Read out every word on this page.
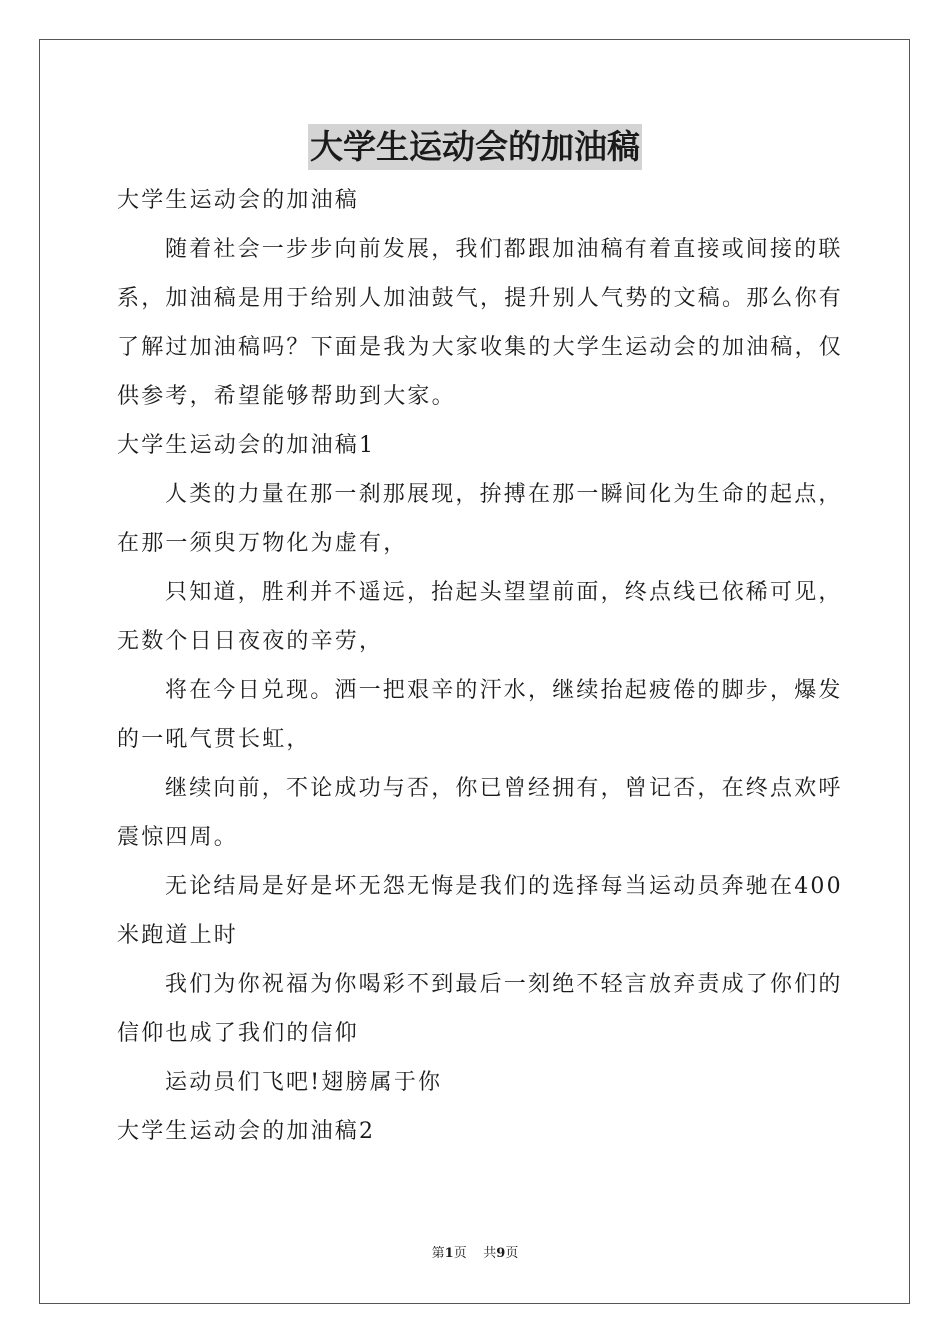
大学生运动会的加油稿
大学生运动会的加油稿
随着社会一步步向前发展，我们都跟加油稿有着直接或间接的联
系，加油稿是用于给别人加油鼓气，提升别人气势的文稿。那么你有
了解过加油稿吗？下面是我为大家收集的大学生运动会的加油稿，仅
供参考，希望能够帮助到大家。
大学生运动会的加油稿1
人类的力量在那一刹那展现，拚搏在那一瞬间化为生命的起点，
在那一须臾万物化为虚有，
只知道，胜利并不遥远，抬起头望望前面，终点线已依稀可见，
无数个日日夜夜的辛劳，
将在今日兑现。洒一把艰辛的汗水，继续抬起疲倦的脚步，爆发
的一吼气贯长虹，
继续向前，不论成功与否，你已曾经拥有，曾记否，在终点欢呼
震惊四周。
无论结局是好是坏无怨无悔是我们的选择每当运动员奔驰在400
米跑道上时
我们为你祝福为你喝彩不到最后一刻绝不轻言放弃责成了你们的
信仰也成了我们的信仰
运动员们飞吧!翅膀属于你
大学生运动会的加油稿2
第1页 共9页
